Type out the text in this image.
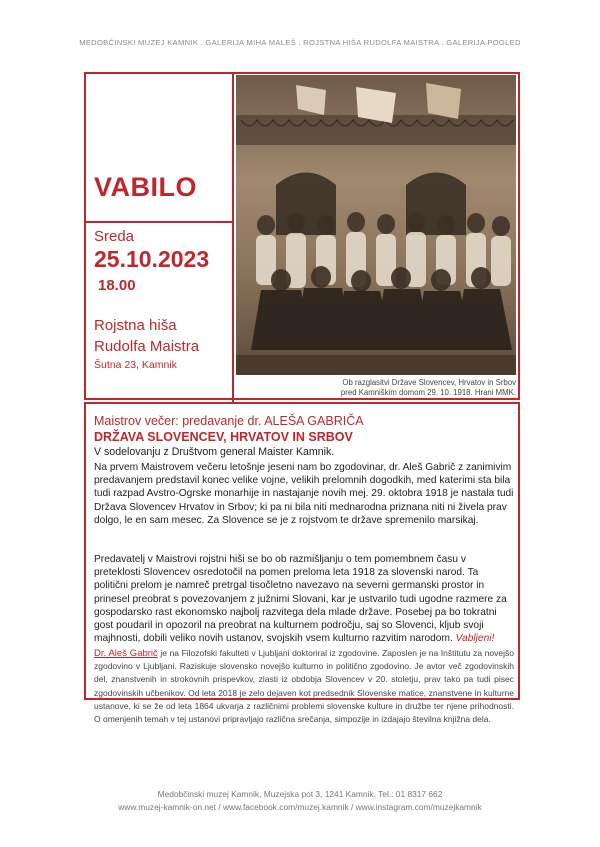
MEDOBČINSKI MUZEJ KAMNIK . GALERIJA MIHA MALEŠ . ROJSTNA HIŠA RUDOLFA MAISTRA . GALERIJA POGLED
VABILO
Sreda
25.10.2023
18.00
Rojstna hiša
Rudolfa Maistra
Šutna 23, Kamnik
Ob razglasitvi Države Slovencev, Hrvatov in Srbov
pred Kamniškim domom 29. 10. 1918. Hrani MMK.
Maistrov večer: predavanje dr. ALEŠA GABRIČA
DRŽAVA SLOVENCEV, HRVATOV IN SRBOV
V sodelovanju z Društvom general Maister Kamnik.

Na prvem Maistrovem večeru letošnje jeseni nam bo zgodovinar, dr. Aleš Gabrič z zanimivim predavanjem predstavil konec velike vojne, velikih prelomnih dogodkih, med katerimi sta bila tudi razpad Avstro-Ogrske monarhije in nastajanje novih mej. 29. oktobra 1918 je nastala tudi Država Slovencev Hrvatov in Srbov; ki pa ni bila niti mednarodna priznana niti ni živela prav dolgo, le en sam mesec. Za Slovence se je z rojstvom te države spremenilo marsikaj.

Predavatelj v Maistrovi rojstni hiši se bo ob razmišljanju o tem pomembnem času v preteklosti Slovencev osredotočil na pomen preloma leta 1918 za slovenski narod. Ta politični prelom je namreč pretrgal tisočletno navezavo na severni germanski prostor in prinesel preobrat s povezovanjem z južnimi Slovani, kar je ustvarilo tudi ugodne razmere za gospodarsko rast ekonomsko najbolj razvitega dela mlade države. Posebej pa bo tokratni gost poudaril in opozoril na preobrat na kulturnem področju, saj so Slovenci, kljub svoji majhnosti, dobili veliko novih ustanov, svojskih vsem kulturno razvitim narodom. Vabljeni!

Dr. Aleš Gabrič je na Filozofski fakulteti v Ljubljani doktoriral iz zgodovine. Zaposlen je na Inštitutu za novejšo zgodovino v Ljubljani. Raziskuje slovensko novejšo kulturno in politično zgodovino. Je avtor več zgodovinskih del, znanstvenih in strokovnih prispevkov, zlasti iz obdobja Slovencev v 20. stoletju, prav tako pa tudi pisec zgodovinskih učbenikov. Od leta 2018 je zelo dejaven kot predsednik Slovenske matice, znanstvene in kulturne ustanove, ki se že od leta 1864 ukvarja z različnimi problemi slovenske kulture in družbe ter njene prihodnosti. O omenjenih temah v tej ustanovi pripravljajo različna srečanja, simpozije in izdajajo številna knjižna dela.

Medobčinski muzej Kamnik, Muzejska pot 3, 1241 Kamnik, Tel.: 01 8317 662
www.muzej-kamnik-on.net / www.facebook.com/muzej.kamnik / www.instagram.com/muzejkamnik
